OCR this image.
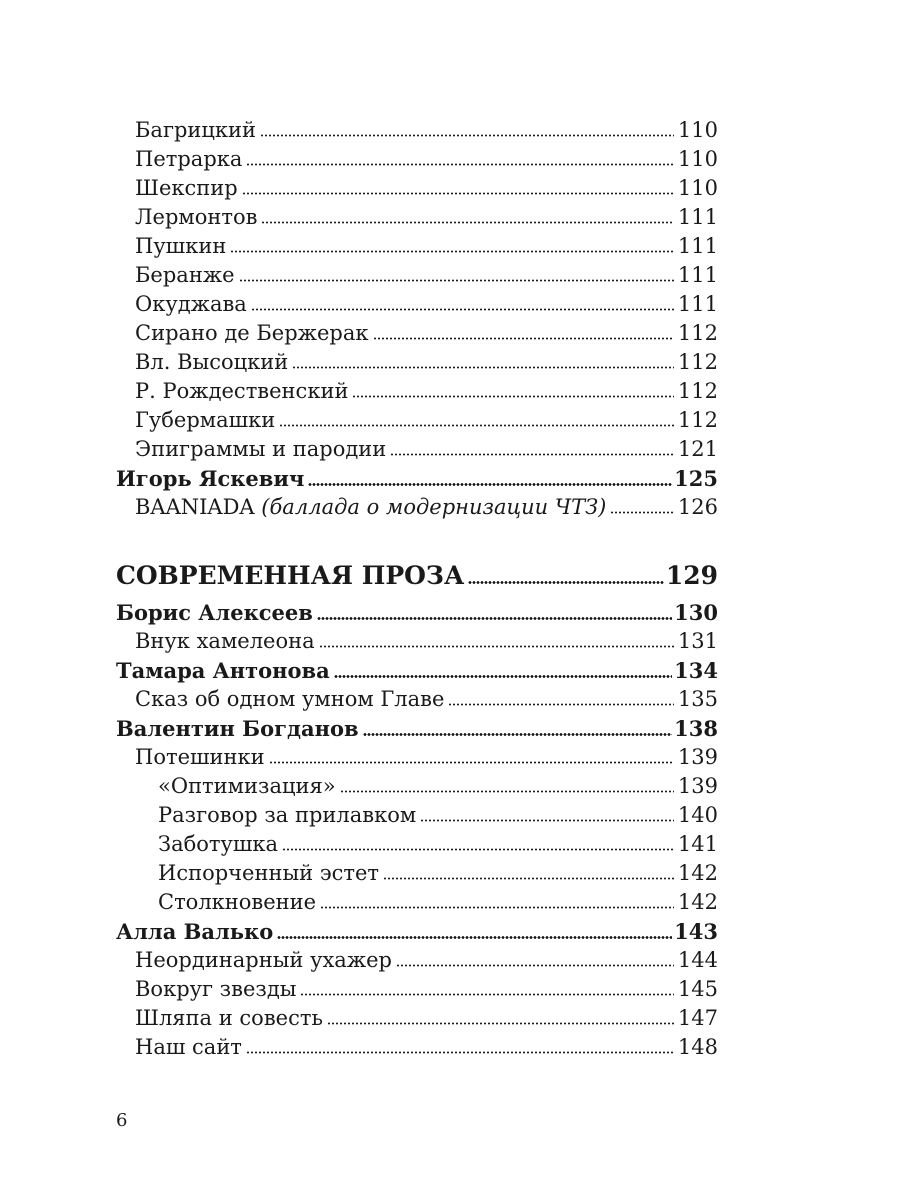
Багрицкий	110
Петрарка	110
Шекспир	110
Лермонтов	111
Пушкин	111
Беранже	111
Окуджава	111
Сирано де Бержерак	112
Вл. Высоцкий	112
Р. Рождественский	112
Губермашки	112
Эпиграммы и пародии	121
Игорь Яскевич	125
BAANIADA (баллада о модернизации ЧТЗ)	126
СОВРЕМЕННАЯ ПРОЗА	129
Борис Алексеев	130
Внук хамелеона	131
Тамара Антонова	134
Сказ об одном умном Главе	135
Валентин Богданов	138
Потешинки	139
«Оптимизация»	139
Разговор за прилавком	140
Заботушка	141
Испорченный эстет	142
Столкновение	142
Алла Валько	143
Неординарный ухажер	144
Вокруг звезды	145
Шляпа и совесть	147
Наш сайт	148
6
